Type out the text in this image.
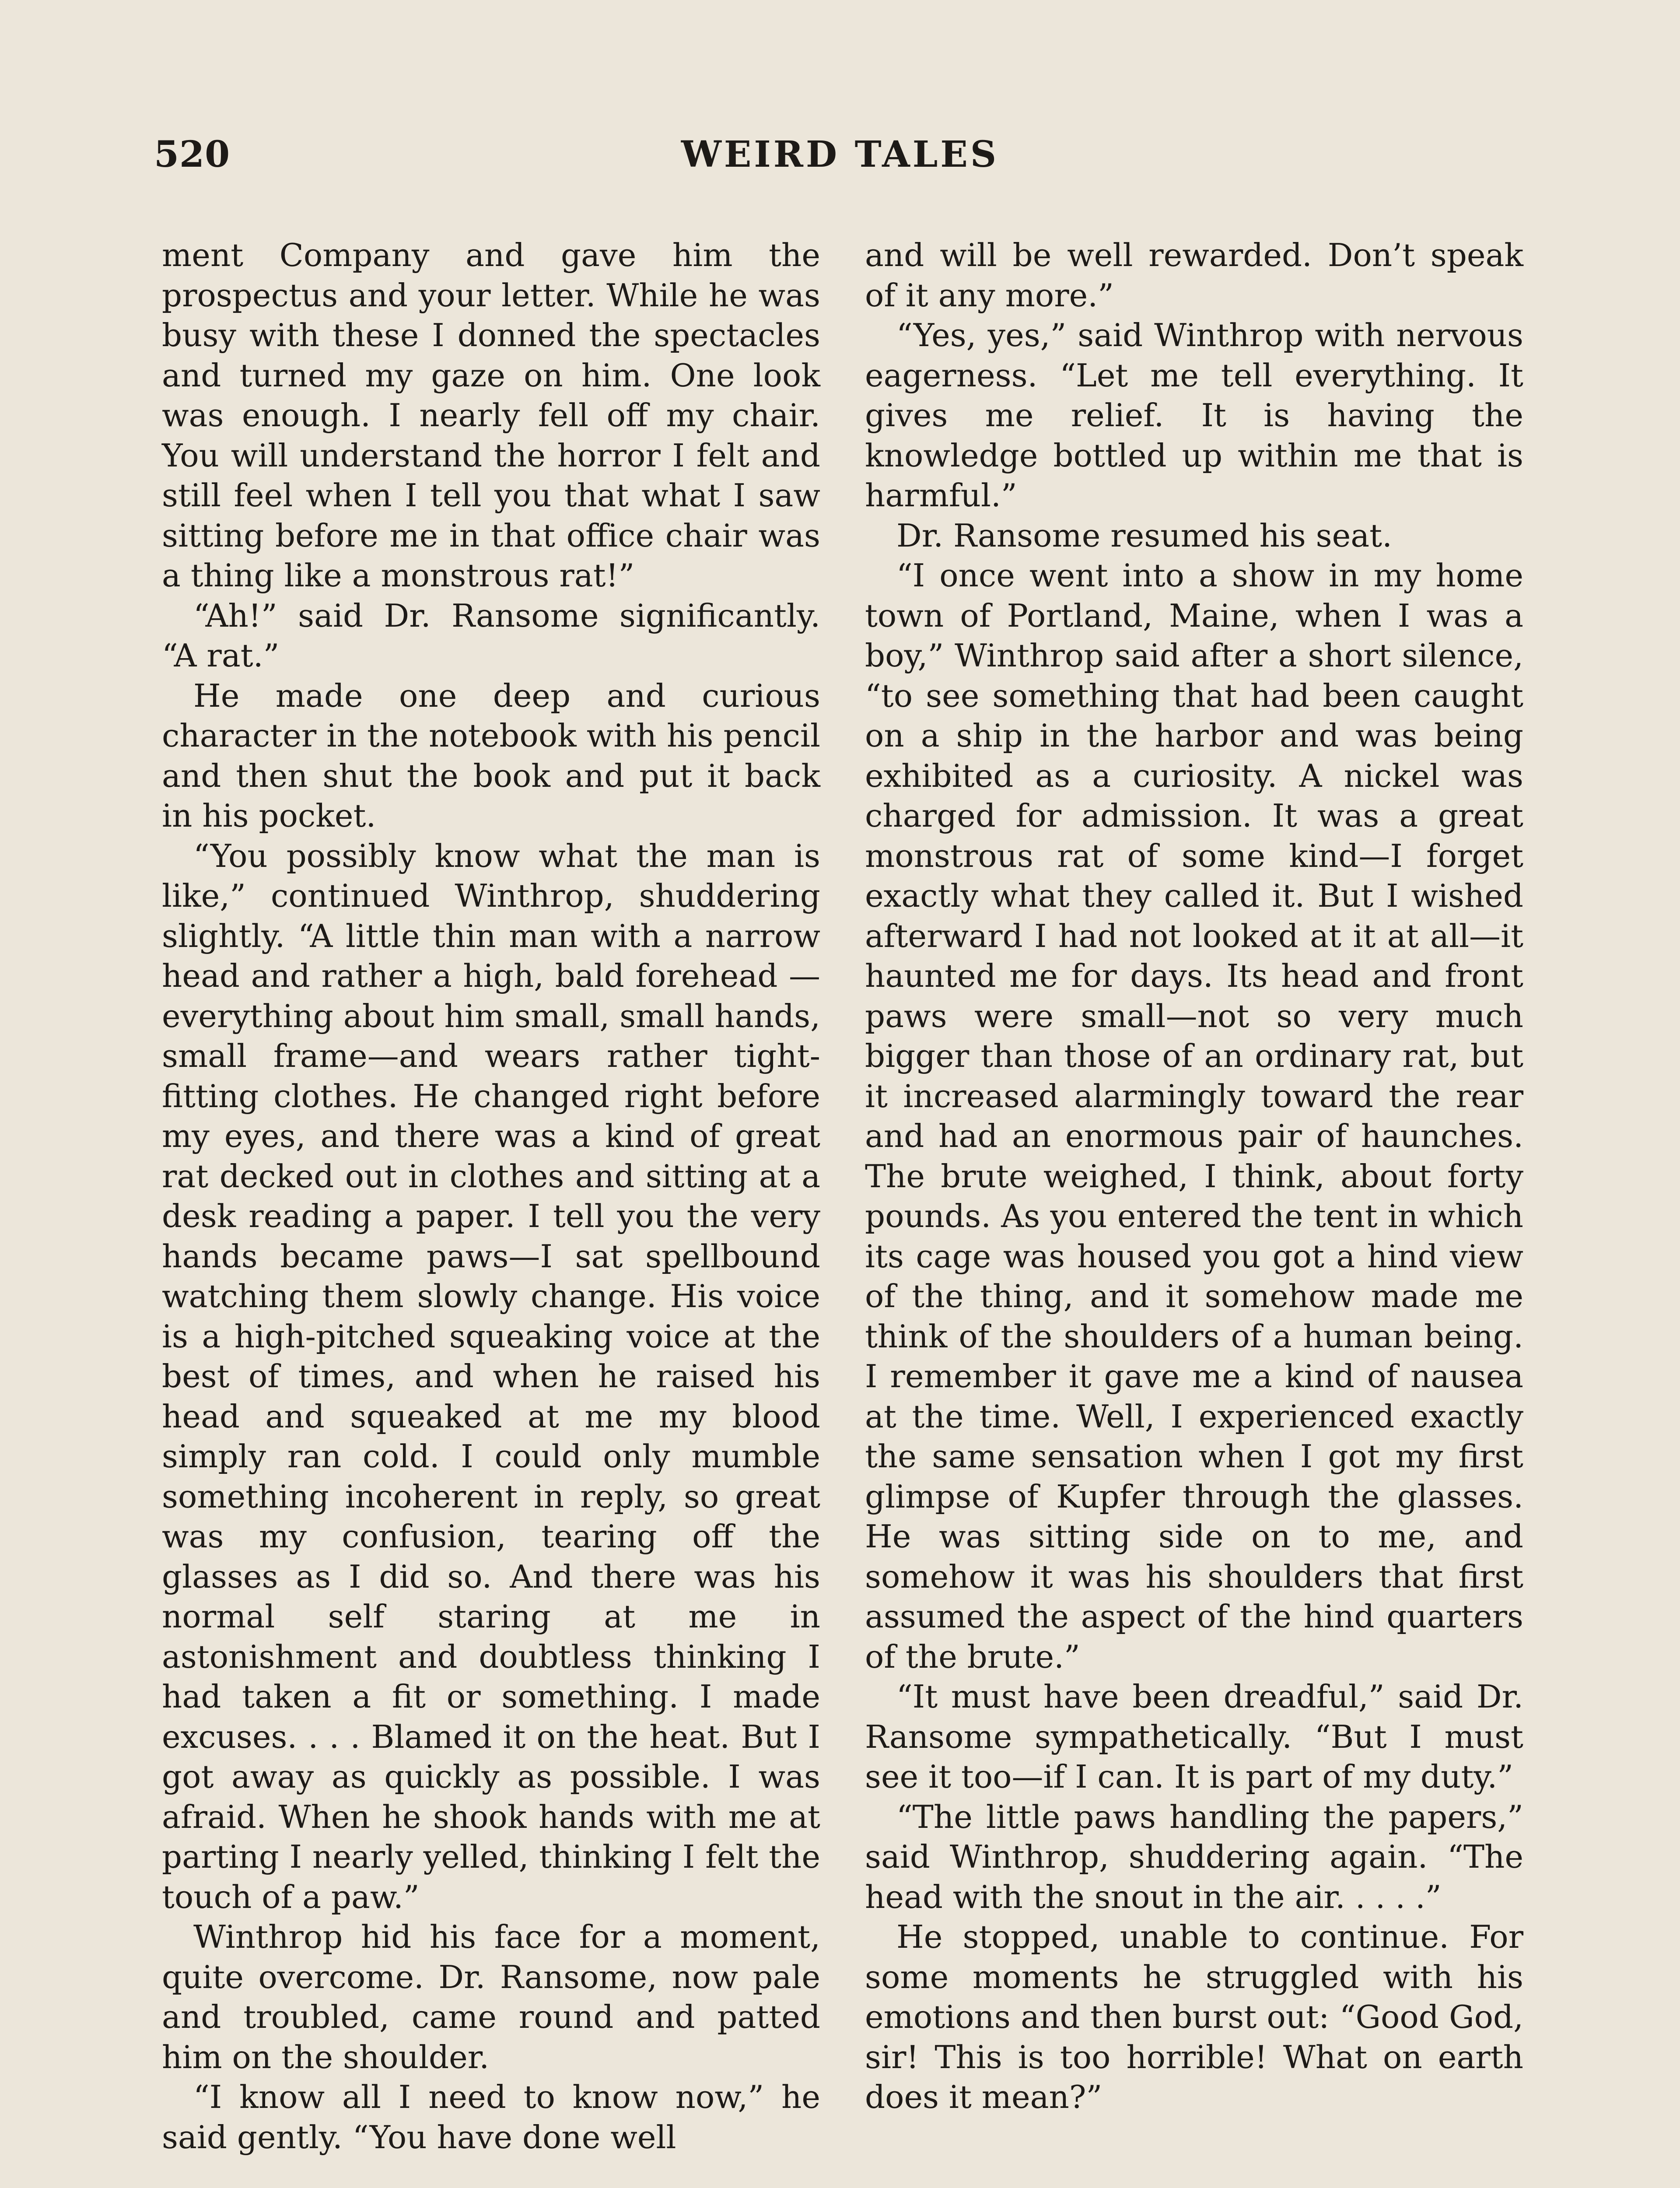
520	WEIRD TALES

ment Company and gave him the prospectus and your letter. While he was busy with these I donned the spectacles and turned my gaze on him. One look was enough. I nearly fell off my chair. You will understand the horror I felt and still feel when I tell you that what I saw sitting before me in that office chair was a thing like a monstrous rat!”

“Ah!” said Dr. Ransome significantly. “A rat.”

He made one deep and curious character in the notebook with his pencil and then shut the book and put it back in his pocket.

“You possibly know what the man is like,” continued Winthrop, shuddering slightly. “A little thin man with a narrow head and rather a high, bald forehead — everything about him small, small hands, small frame—and wears rather tight-fitting clothes. He changed right before my eyes, and there was a kind of great rat decked out in clothes and sitting at a desk reading a paper. I tell you the very hands became paws—I sat spellbound watching them slowly change. His voice is a high-pitched squeaking voice at the best of times, and when he raised his head and squeaked at me my blood simply ran cold. I could only mumble something incoherent in reply, so great was my confusion, tearing off the glasses as I did so. And there was his normal self staring at me in astonishment and doubtless thinking I had taken a fit or something. I made excuses. . . . Blamed it on the heat. But I got away as quickly as possible. I was afraid. When he shook hands with me at parting I nearly yelled, thinking I felt the touch of a paw.”

Winthrop hid his face for a moment, quite overcome. Dr. Ransome, now pale and troubled, came round and patted him on the shoulder.

“I know all I need to know now,” he said gently. “You have done well

and will be well rewarded. Don’t speak of it any more.”

“Yes, yes,” said Winthrop with nervous eagerness. “Let me tell everything. It gives me relief. It is having the knowledge bottled up within me that is harmful.”

Dr. Ransome resumed his seat.

“I once went into a show in my home town of Portland, Maine, when I was a boy,” Winthrop said after a short silence, “to see something that had been caught on a ship in the harbor and was being exhibited as a curiosity. A nickel was charged for admission. It was a great monstrous rat of some kind—I forget exactly what they called it. But I wished afterward I had not looked at it at all—it haunted me for days. Its head and front paws were small—not so very much bigger than those of an ordinary rat, but it increased alarmingly toward the rear and had an enormous pair of haunches. The brute weighed, I think, about forty pounds. As you entered the tent in which its cage was housed you got a hind view of the thing, and it somehow made me think of the shoulders of a human being. I remember it gave me a kind of nausea at the time. Well, I experienced exactly the same sensation when I got my first glimpse of Kupfer through the glasses. He was sitting side on to me, and somehow it was his shoulders that first assumed the aspect of the hind quarters of the brute.”

“It must have been dreadful,” said Dr. Ransome sympathetically. “But I must see it too—if I can. It is part of my duty.”

“The little paws handling the papers,” said Winthrop, shuddering again. “The head with the snout in the air. . . . .”

He stopped, unable to continue. For some moments he struggled with his emotions and then burst out: “Good God, sir! This is too horrible! What on earth does it mean?”
